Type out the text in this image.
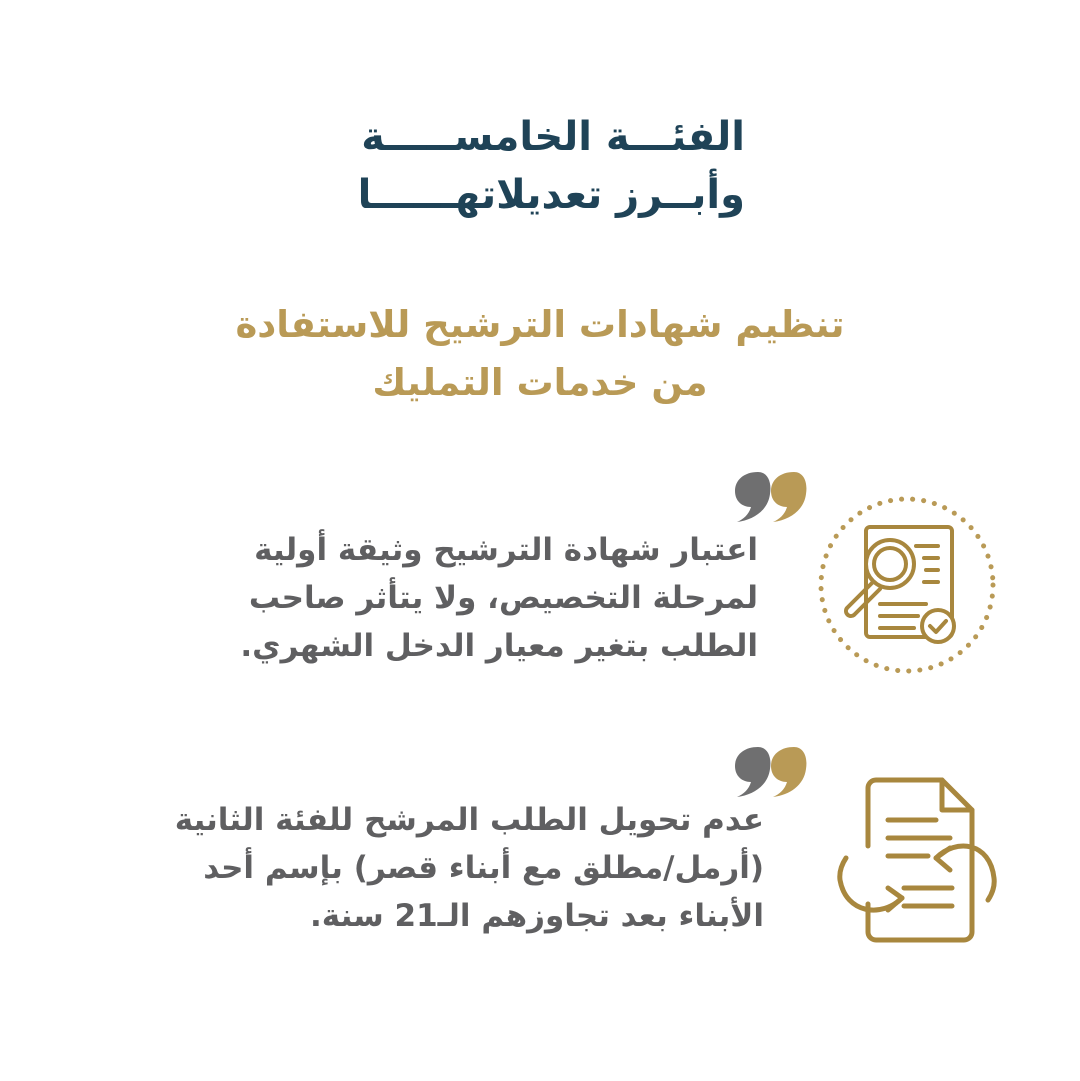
الفئـــة الخامســـــة
وأبــرز تعديلاتهــــــا
تنظيم شهادات الترشيح للاستفادة
من خدمات التمليك
اعتبار شهادة الترشيح وثيقة أولية
لمرحلة التخصيص، ولا يتأثر صاحب
الطلب بتغير معيار الدخل الشهري.
عدم تحويل الطلب المرشح للفئة الثانية
(أرمل/مطلق مع أبناء قصر) بإسم أحد
الأبناء بعد تجاوزهم الـ21 سنة.
